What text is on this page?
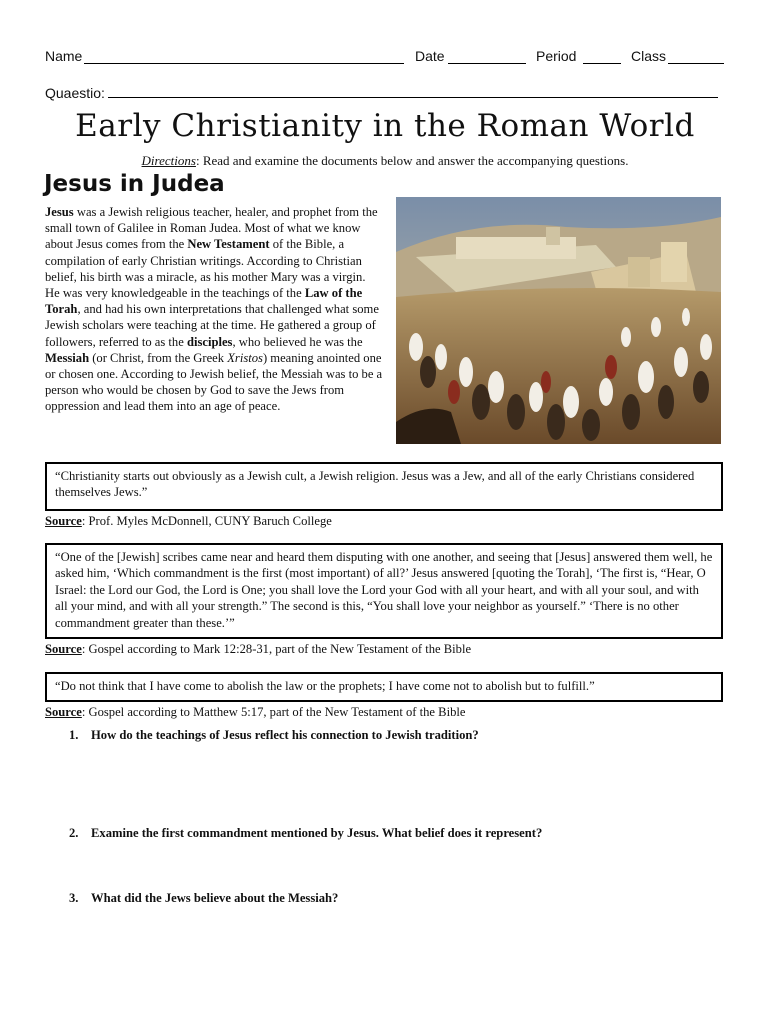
Name	Date	Period	Class
Quaestio:
Early Christianity in the Roman World
Directions: Read and examine the documents below and answer the accompanying questions.
Jesus in Judea
Jesus was a Jewish religious teacher, healer, and prophet from the small town of Galilee in Roman Judea. Most of what we know about Jesus comes from the New Testament of the Bible, a compilation of early Christian writings. According to Christian belief, his birth was a miracle, as his mother Mary was a virgin. He was very knowledgeable in the teachings of the Law of the Torah, and had his own interpretations that challenged what some Jewish scholars were teaching at the time. He gathered a group of followers, referred to as the disciples, who believed he was the Messiah (or Christ, from the Greek Xristos) meaning anointed one or chosen one. According to Jewish belief, the Messiah was to be a person who would be chosen by God to save the Jews from oppression and lead them into an age of peace.
“Christianity starts out obviously as a Jewish cult, a Jewish religion. Jesus was a Jew, and all of the early Christians considered themselves Jews.”
Source: Prof. Myles McDonnell, CUNY Baruch College
“One of the [Jewish] scribes came near and heard them disputing with one another, and seeing that [Jesus] answered them well, he asked him, ‘Which commandment is the first (most important) of all?’ Jesus answered [quoting the Torah], ‘The first is, “Hear, O Israel: the Lord our God, the Lord is One; you shall love the Lord your God with all your heart, and with all your soul, and with all your mind, and with all your strength.” The second is this, “You shall love your neighbor as yourself.” ‘There is no other commandment greater than these.’”
Source: Gospel according to Mark 12:28-31, part of the New Testament of the Bible
“Do not think that I have come to abolish the law or the prophets; I have come not to abolish but to fulfill.”
Source: Gospel according to Matthew 5:17, part of the New Testament of the Bible
1. How do the teachings of Jesus reflect his connection to Jewish tradition?
2. Examine the first commandment mentioned by Jesus. What belief does it represent?
3. What did the Jews believe about the Messiah?
